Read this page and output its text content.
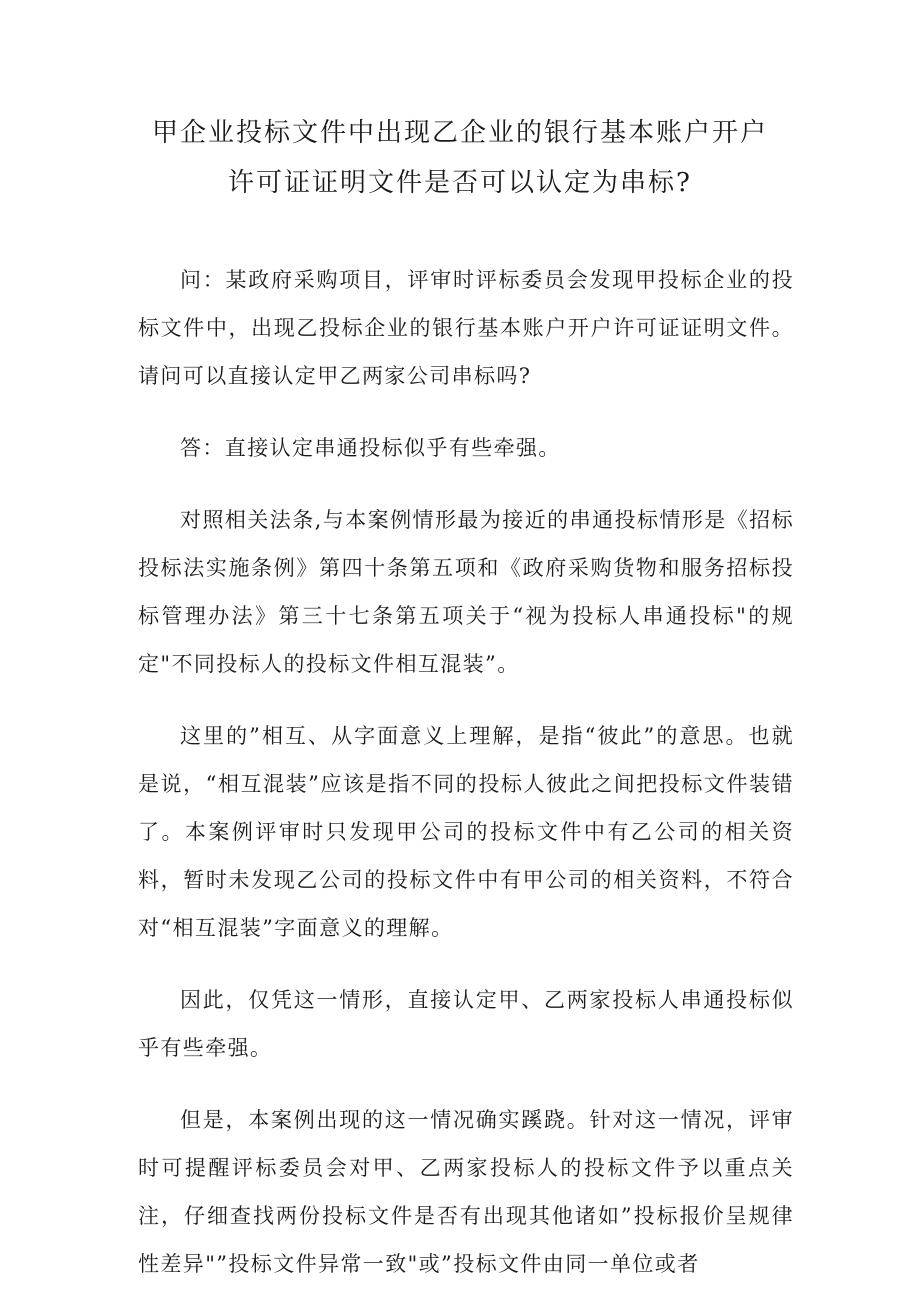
甲企业投标文件中出现乙企业的银行基本账户开户
许可证证明文件是否可以认定为串标?

问：某政府采购项目，评审时评标委员会发现甲投标企业的投标文件中，出现乙投标企业的银行基本账户开户许可证证明文件。请问可以直接认定甲乙两家公司串标吗?

答：直接认定串通投标似乎有些牵强。

对照相关法条,与本案例情形最为接近的串通投标情形是《招标投标法实施条例》第四十条第五项和《政府采购货物和服务招标投标管理办法》第三十七条第五项关于“视为投标人串通投标"的规定"不同投标人的投标文件相互混装”。

这里的”相互、从字面意义上理解，是指“彼此”的意思。也就是说，“相互混装”应该是指不同的投标人彼此之间把投标文件装错了。本案例评审时只发现甲公司的投标文件中有乙公司的相关资料，暂时未发现乙公司的投标文件中有甲公司的相关资料，不符合对“相互混装”字面意义的理解。

因此，仅凭这一情形，直接认定甲、乙两家投标人串通投标似乎有些牵强。

但是，本案例出现的这一情况确实蹊跷。针对这一情况，评审时可提醒评标委员会对甲、乙两家投标人的投标文件予以重点关注，仔细查找两份投标文件是否有出现其他诸如”投标报价呈规律性差异"”投标文件异常一致"或”投标文件由同一单位或者
